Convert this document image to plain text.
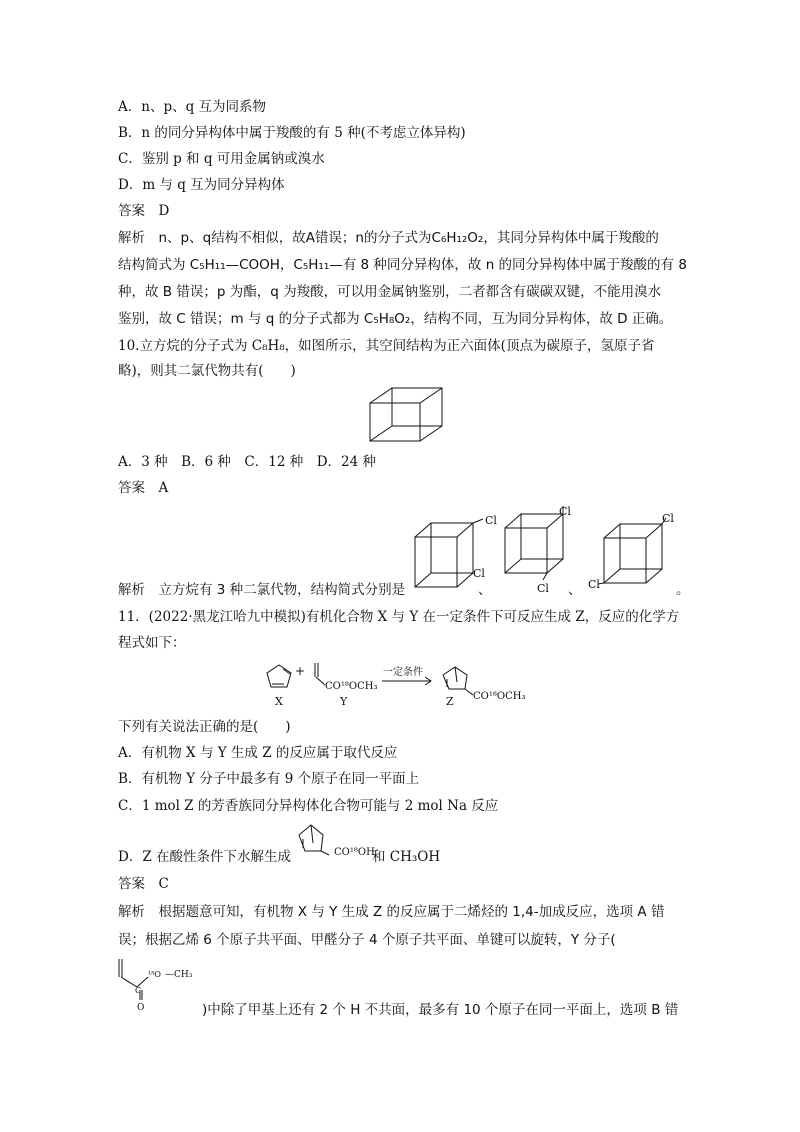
A．n、p、q 互为同系物
B．n 的同分异构体中属于羧酸的有 5 种(不考虑立体异构)
C．鉴别 p 和 q 可用金属钠或溴水
D．m 与 q 互为同分异构体
答案　D
解析　n、p、q结构不相似，故A错误；n的分子式为C₆H₁₂O₂，其同分异构体中属于羧酸的
结构简式为 C₅H₁₁—COOH，C₅H₁₁—有 8 种同分异构体，故 n 的同分异构体中属于羧酸的有 8
种，故 B 错误；p 为酯，q 为羧酸，可以用金属钠鉴别，二者都含有碳碳双键，不能用溴水
鉴别，故 C 错误；m 与 q 的分子式都为 C₅H₈O₂，结构不同，互为同分异构体，故 D 正确。
10.立方烷的分子式为 C₈H₈，如图所示，其空间结构为正六面体(顶点为碳原子，氢原子省
略)，则其二氯代物共有(　　)
A．3 种　B．6 种　C．12 种　D．24 种
答案　A
解析　 立方烷有 3 种二氯代物，结构简式分别是
Cl
Cl
、
Cl
Cl 、
Cl
Cl	。
11．(2022·黑龙江哈九中模拟)有机化合物 X 与 Y 在一定条件下可反应生成 Z，反应的化学方
程式如下：
+
CO¹⁸OCH₃
一定条件
X	Y	Z CO¹⁸OCH₃
下列有关说法正确的是(　　)
A．有机物 X 与 Y 生成 Z 的反应属于取代反应
B．有机物 Y 分子中最多有 9 个原子在同一平面上
C．1 mol Z 的芳香族同分异构体化合物可能与 2 mol Na 反应
D．Z 在酸性条件下水解生成	CO¹⁸OH
和 CH₃OH
答案　C
解析　 根据题意可知，有机物 X 与 Y 生成 Z 的反应属于二烯烃的 1,4-加成反应，选项 A 错
误；根据乙烯 6 个原子共平面、甲醛分子 4 个原子共平面、单键可以旋转，Y 分子(
¹⁸O —CH₃
C
O	)中除了甲基上还有 2 个 H 不共面，最多有 10 个原子在同一平面上，选项 B 错
